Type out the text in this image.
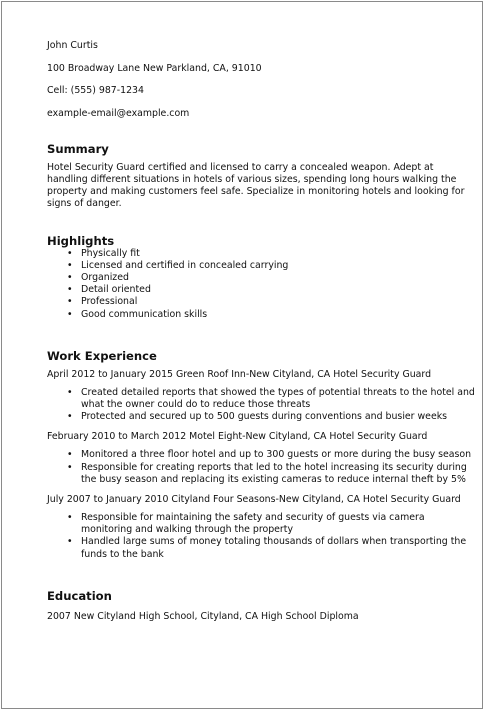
John Curtis
100 Broadway Lane New Parkland, CA, 91010
Cell: (555) 987-1234
example-email@example.com
Summary

Hotel Security Guard certified and licensed to carry a concealed weapon. Adept at handling different situations in hotels of various sizes, spending long hours walking the property and making customers feel safe. Specialize in monitoring hotels and looking for signs of danger.

Highlights
• Physically fit
• Licensed and certified in concealed carrying
• Organized
• Detail oriented
• Professional
• Good communication skills
Work Experience
April 2012 to January 2015 Green Roof Inn-New Cityland, CA Hotel Security Guard
• Created detailed reports that showed the types of potential threats to the hotel and what the owner could do to reduce those threats
• Protected and secured up to 500 guests during conventions and busier weeks
February 2010 to March 2012 Motel Eight-New Cityland, CA Hotel Security Guard
• Monitored a three floor hotel and up to 300 guests or more during the busy season
• Responsible for creating reports that led to the hotel increasing its security during the busy season and replacing its existing cameras to reduce internal theft by 5%
July 2007 to January 2010 Cityland Four Seasons-New Cityland, CA Hotel Security Guard
• Responsible for maintaining the safety and security of guests via camera monitoring and walking through the property
• Handled large sums of money totaling thousands of dollars when transporting the funds to the bank
Education
2007 New Cityland High School, Cityland, CA High School Diploma
